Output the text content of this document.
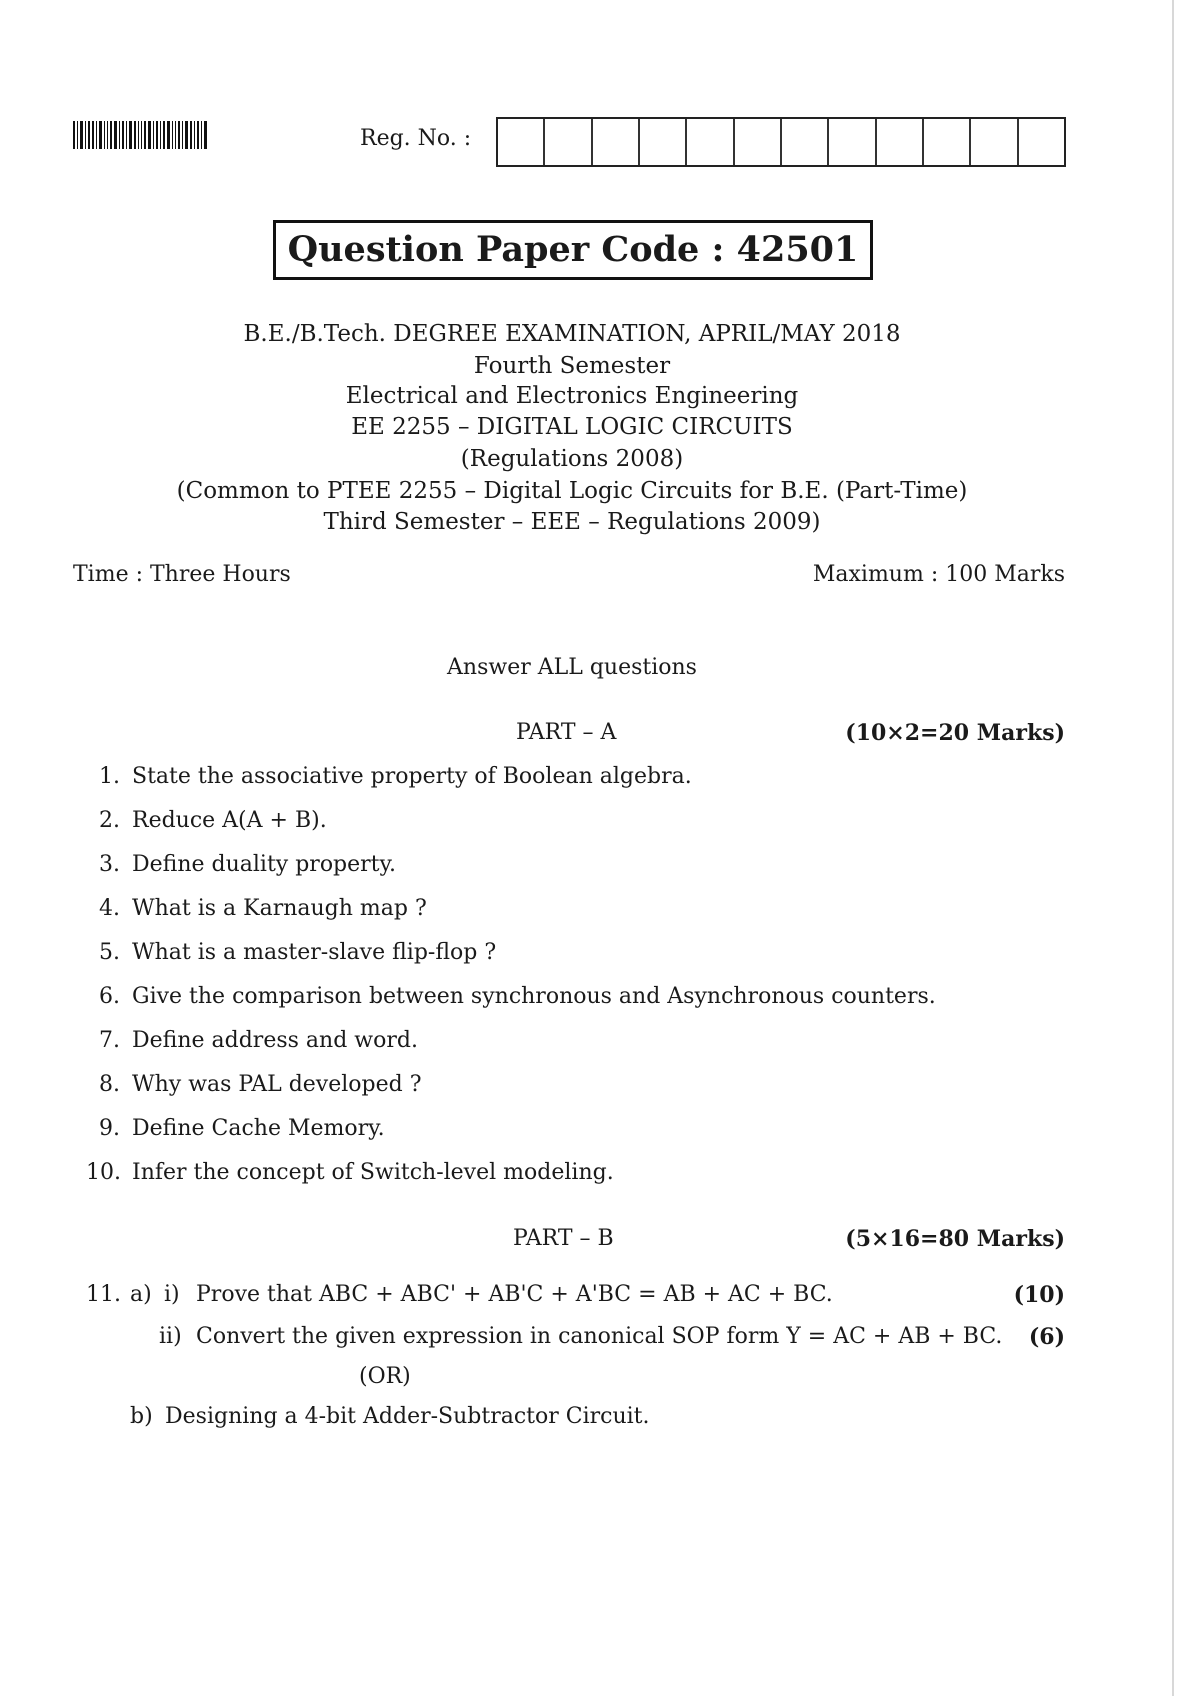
Reg. No. :
Question Paper Code : 42501
B.E./B.Tech. DEGREE EXAMINATION, APRIL/MAY 2018
Fourth Semester
Electrical and Electronics Engineering
EE 2255 – DIGITAL LOGIC CIRCUITS
(Regulations 2008)
(Common to PTEE 2255 – Digital Logic Circuits for B.E. (Part-Time)
Third Semester – EEE – Regulations 2009)
Time : Three Hours	Maximum : 100 Marks
Answer ALL questions
PART – A	(10×2=20 Marks)
1. State the associative property of Boolean algebra.
2. Reduce A(A + B).
3. Define duality property.
4. What is a Karnaugh map ?
5. What is a master-slave flip-flop ?
6. Give the comparison between synchronous and Asynchronous counters.
7. Define address and word.
8. Why was PAL developed ?
9. Define Cache Memory.
10. Infer the concept of Switch-level modeling.
PART – B	(5×16=80 Marks)
11. a) i) Prove that ABC + ABC' + AB'C + A'BC = AB + AC + BC.	(10)
ii) Convert the given expression in canonical SOP form Y = AC + AB + BC. (6)
(OR)
b) Designing a 4-bit Adder-Subtractor Circuit.
